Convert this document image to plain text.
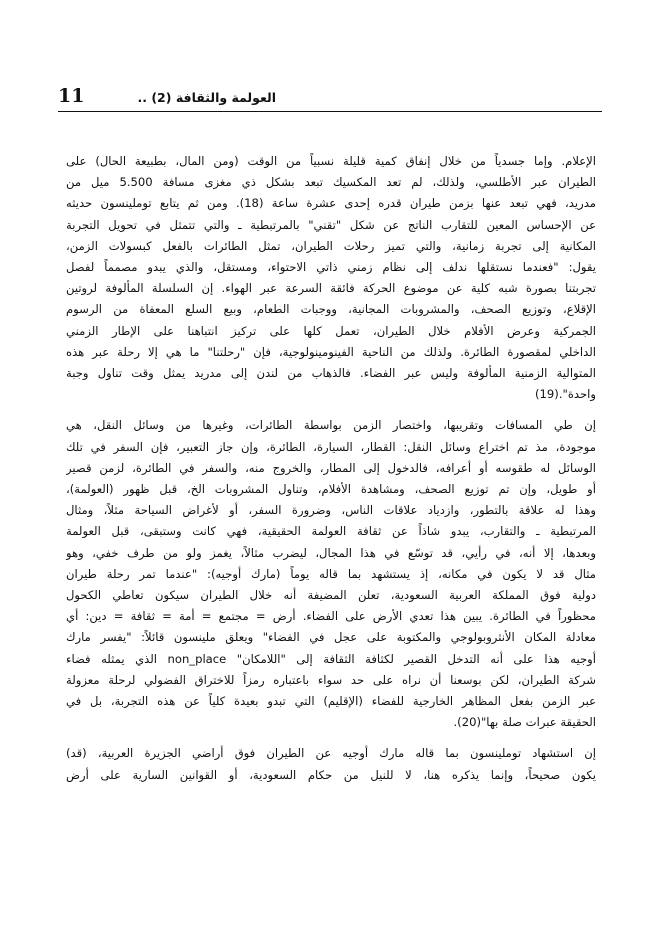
11	العولمة والثقافة (2) ..
الإعلام. وإما جسدياً من خلال إنفاق كمية قليلة نسبياً من الوقت (ومن المال، بطبيعة الحال) على
الطيران عبر الأطلسي، ولذلك، لم تعد المكسيك تبعد بشكل ذي مغزى مسافة 5.500 ميل من
مدريد، فهي تبعد عنها بزمن طيران قدره إحدى عشرة ساعة (18). ومن ثم يتابع توملينسون حديثه
عن الإحساس المعين للتقارب الناتج عن شكل "تقني" بالمرتبطية ـ والتي تتمثل في تحويل التجربة
المكانية إلى تجربة زمانية، والتي تميز رحلات الطيران، تمثل الطائرات بالفعل كبسولات الزمن،
يقول: "فعندما نستقلها ندلف إلى نظام زمني ذاتي الاحتواء، ومستقل، والذي يبدو مصمماً لفصل
تجربتنا بصورة شبه كلية عن موضوع الحركة فائقة السرعة عبر الهواء. إن السلسلة المألوفة لروتين
الإقلاع، وتوزيع الصحف، والمشروبات المجانية، ووجبات الطعام، وبيع السلع المعفاة من الرسوم
الجمركية وعرض الأفلام خلال الطيران، تعمل كلها على تركيز انتباهنا على الإطار الزمني
الداخلي لمقصورة الطائرة. ولذلك من الناحية الفينومينولوجية، فإن "رحلتنا" ما هي إلا رحلة عبر هذه
المتوالية الزمنية المألوفة وليس عبر الفضاء. فالذهاب من لندن إلى مدريد يمثل وقت تناول وجبة
واحدة".(19)
إن طي المسافات وتقريبها، واختصار الزمن بواسطة الطائرات، وغيرها من وسائل النقل، هي
موجودة، مذ تم اختراع وسائل النقل: القطار، السيارة، الطائرة، وإن جاز التعبير، فإن السفر في تلك
الوسائل له طقوسه أو أعرافه، فالدخول إلى المطار، والخروج منه، والسفر في الطائرة، لزمن قصير
أو طويل، وإن تم توزيع الصحف، ومشاهدة الأفلام، وتناول المشروبات الخ، قبل ظهور (العولمة)،
وهذا له علاقة بالتطور، وازدياد علاقات الناس، وضرورة السفر، أو لأغراض السياحة مثلاً، ومثال
المرتبطية ـ والتقارب، يبدو شاذاً عن ثقافة العولمة الحقيقية، فهي كانت وستبقى، قبل العولمة
وبعدها، إلا أنه، في رأيي، قد توسّع في هذا المجال، ليضرب مثالاً، يغمز ولو من طرف خفي، وهو
مثال قد لا يكون في مكانه، إذ يستشهد بما قاله يوماً (مارك أوجيه): "عندما تمر رحلة طيران
دولية فوق المملكة العربية السعودية، تعلن المضيفة أنه خلال الطيران سيكون تعاطي الكحول
محظوراً في الطائرة. يبين هذا تعدي الأرض على الفضاء. أرض = مجتمع = أمة = ثقافة = دين: أي
معادلة المكان الأنثروبولوجي والمكتوبة على عجل في الفضاء" ويعلق ملينسون قائلاً: "يفسر مارك
أوجيه هذا على أنه التدخل القصير لكثافة الثقافة إلى "اللامكان" non_place الذي يمثله فضاء
شركة الطيران، لكن بوسعنا أن نراه على حد سواء باعتباره رمزاً للاختراق الفضولي لرحلة معزولة
عبر الزمن بفعل المظاهر الخارجية للفضاء (الإقليم) التي تبدو بعيدة كلياً عن هذه التجربة، بل في
الحقيقة عبرات صلة بها"(20).
إن استشهاد توملينسون بما قاله مارك أوجيه عن الطيران فوق أراضي الجزيرة العربية، (قد)
يكون صحيحاً، وإنما يذكره هنا، لا للنيل من حكام السعودية، أو القوانين السارية على أرض
